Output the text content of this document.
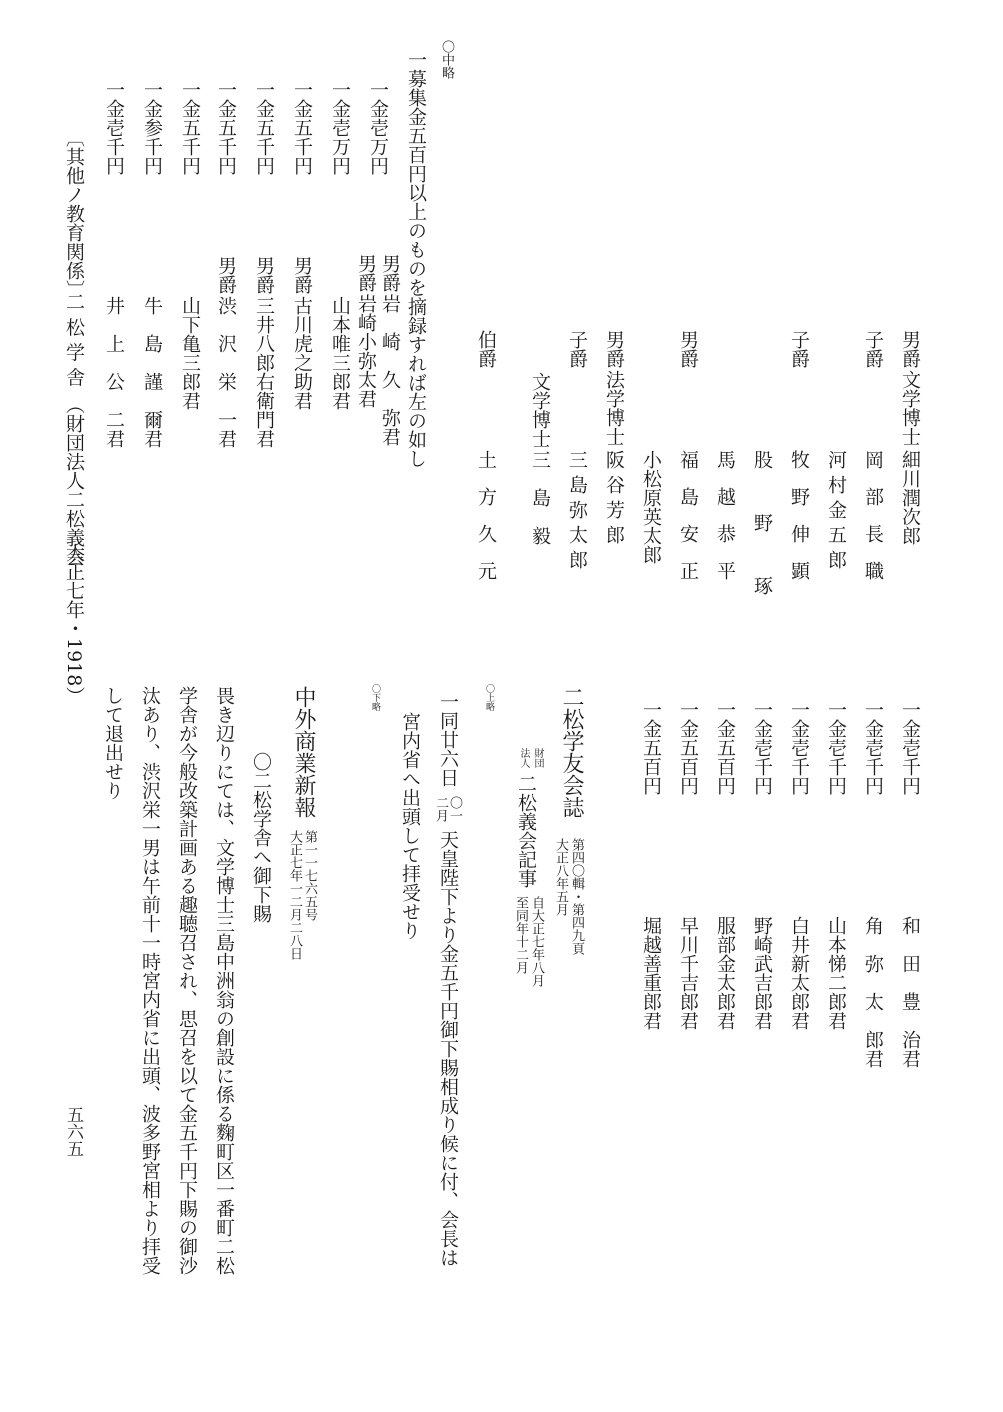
〔其他ノ教育関係〕
二 松 学 舎
（財団法人二松義会
大正七年・1918）
五六五
〇中略
一募集金五百円以上のものを摘録すれば左の如し
一金壱万円
男爵
岩　崎　久　弥君
男爵
岩崎小弥太君
一金壱万円
山本唯三郎君
一金五千円
男爵
古川虎之助君
一金五千円
男爵
三井八郎右衛門君
一金五千円
男爵
渋　沢　栄　一君
一金五千円
山下亀三郎君
一金参千円
牛　島　謹　爾君
一金壱千円
井　上　公　二君	男爵
文学博士
細川潤次郎
子爵
岡部長職
河村金五郎
子爵
牧野伸顕
股野琢
馬越恭平
男爵
福島安正
小松原英太郎
男爵
法学博士
阪谷芳郎
子爵
三島弥太郎
文学博士
三　島　毅
伯爵
土方久元
一金壱千円
和　田　豊　治君
一金壱千円
角　弥　太　郎君
一金壱千円
山本悌二郎君
一金壱千円
白井新太郎君
一金壱千円
野崎武吉郎君
一金五百円
服部金太郎君
一金五百円
早川千吉郎君
一金五百円
堀越善重郎君
二松学友会誌
第四〇輯・第四九頁
大正八年五月
財団
法人
二松義会記事
自大正七年八月
至同年十二月
〇上略
一同廿六日
〇一
二月
天皇陛下より金五千円御下賜相成り候に付、会長は
宮内省へ出頭して拝受せり
〇下略
中外商業新報
第一一七六五号
大正七年一二月二八日
〇二松学舎へ御下賜
畏き辺りにては、文学博士三島中洲翁の創設に係る麴町区一番町二松
学舎が今般改築計画ある趣聴召され、思召を以て金五千円下賜の御沙
汰あり、渋沢栄一男は午前十一時宮内省に出頭、波多野宮相より拝受
して退出せり
